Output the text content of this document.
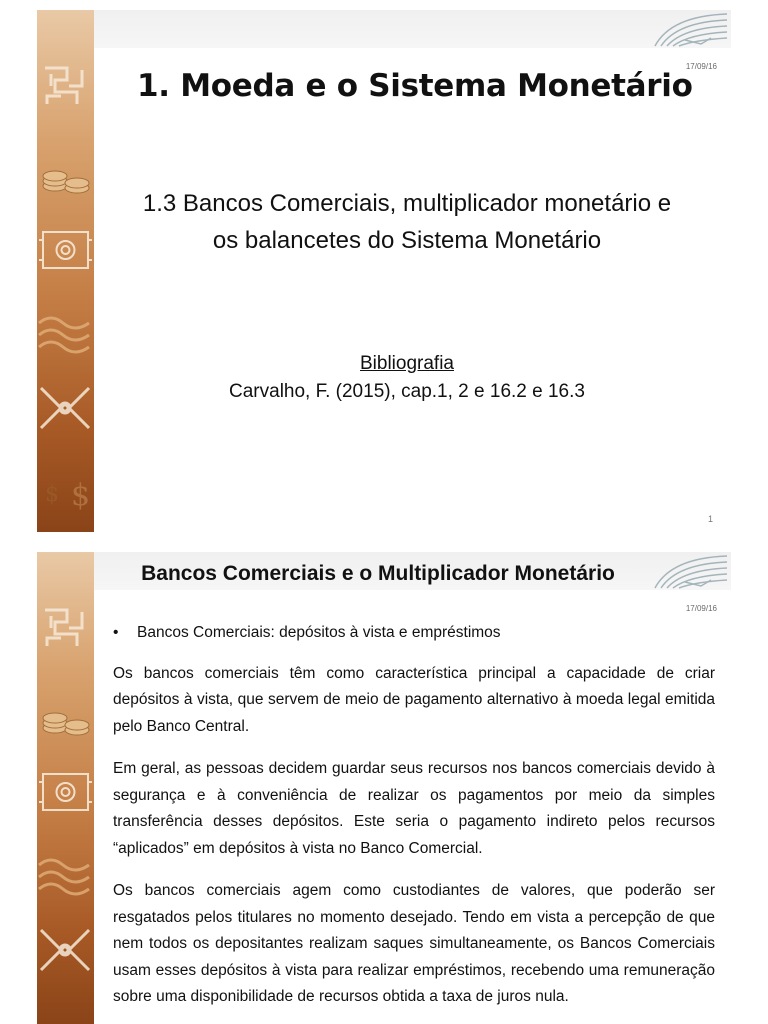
$
$
17/09/16
1. Moeda e o Sistema Monetário
1.3 Bancos Comerciais, multiplicador monetário e os balancetes do Sistema Monetário
Bibliografia
Carvalho, F. (2015), cap.1, 2 e 16.2 e 16.3
1
Bancos Comerciais e o Multiplicador Monetário
17/09/16
• Bancos Comerciais: depósitos à vista e empréstimos

Os bancos comerciais têm como característica principal a capacidade de criar depósitos à vista, que servem de meio de pagamento alternativo à moeda legal emitida pelo Banco Central.

Em geral, as pessoas decidem guardar seus recursos nos bancos comerciais devido à segurança e à conveniência de realizar os pagamentos por meio da simples transferência desses depósitos. Este seria o pagamento indireto pelos recursos “aplicados” em depósitos à vista no Banco Comercial.

Os bancos comerciais agem como custodiantes de valores, que poderão ser resgatados pelos titulares no momento desejado. Tendo em vista a percepção de que nem todos os depositantes realizam saques simultaneamente, os Bancos Comerciais usam esses depósitos à vista para realizar empréstimos, recebendo uma remuneração sobre uma disponibilidade de recursos obtida a taxa de juros nula.
